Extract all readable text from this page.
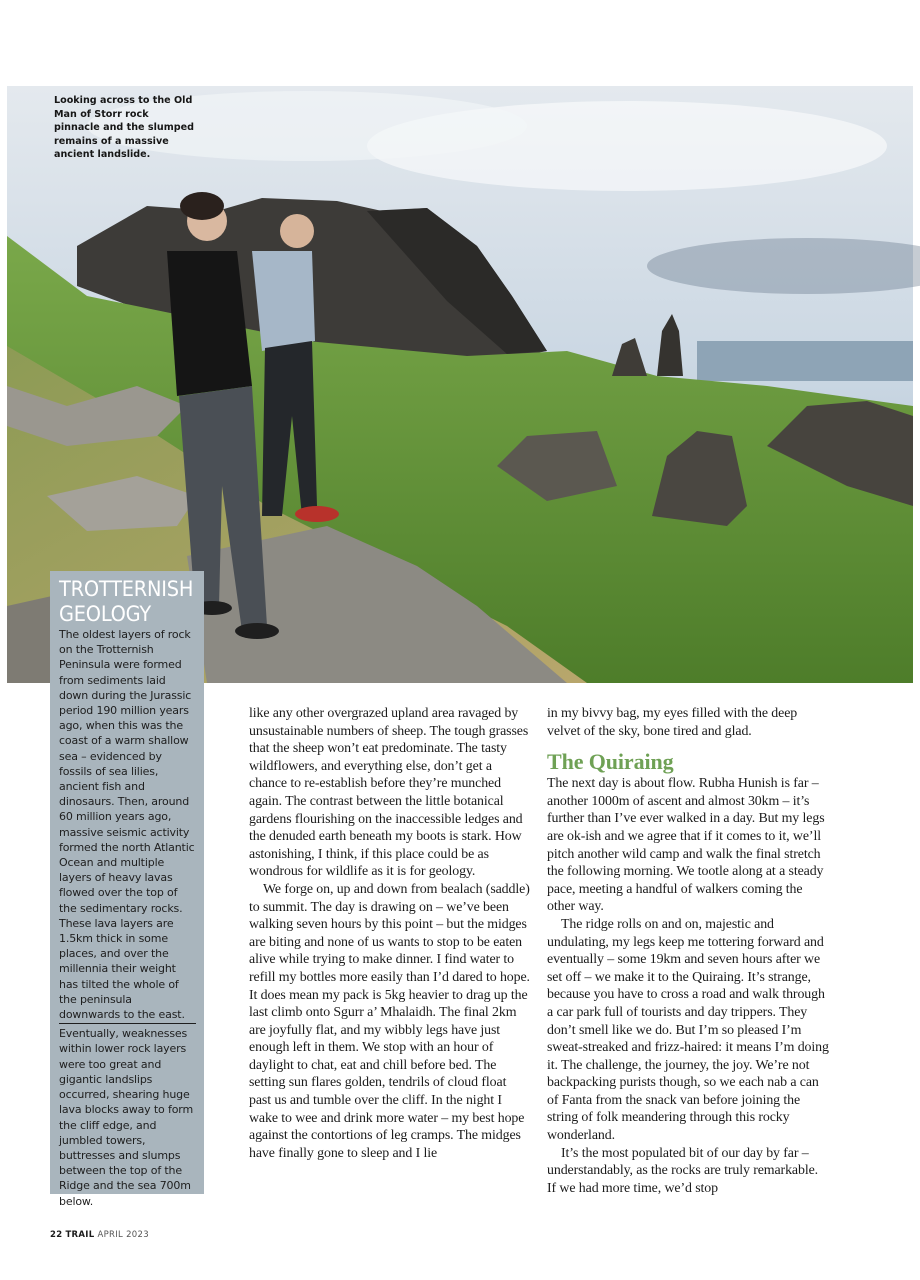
Looking across to the Old Man of Storr rock pinnacle and the slumped remains of a massive ancient landslide.
TROTTERNISH
GEOLOGY
The oldest layers of rock on the Trotternish Peninsula were formed from sediments laid down during the Jurassic period 190 million years ago, when this was the coast of a warm shallow sea – evidenced by fossils of sea lilies, ancient fish and dinosaurs. Then, around 60 million years ago, massive seismic activity formed the north Atlantic Ocean and multiple layers of heavy lavas flowed over the top of the sedimentary rocks. These lava layers are 1.5km thick in some places, and over the millennia their weight has tilted the whole of the peninsula downwards to the east.
Eventually, weaknesses within lower rock layers were too great and gigantic landslips occurred, shearing huge lava blocks away to form the cliff edge, and jumbled towers, buttresses and slumps between the top of the Ridge and the sea 700m below.

like any other overgrazed upland area ravaged by unsustainable numbers of sheep. The tough grasses that the sheep won’t eat predominate. The tasty wildflowers, and everything else, don’t get a chance to re-establish before they’re munched again. The contrast between the little botanical gardens flourishing on the inaccessible ledges and the denuded earth beneath my boots is stark. How astonishing, I think, if this place could be as wondrous for wildlife as it is for geology.

We forge on, up and down from bealach (saddle) to summit. The day is drawing on – we’ve been walking seven hours by this point – but the midges are biting and none of us wants to stop to be eaten alive while trying to make dinner. I find water to refill my bottles more easily than I’d dared to hope. It does mean my pack is 5kg heavier to drag up the last climb onto Sgurr a’ Mhalaidh. The final 2km are joyfully flat, and my wibbly legs have just enough left in them. We stop with an hour of daylight to chat, eat and chill before bed. The setting sun flares golden, tendrils of cloud float past us and tumble over the cliff. In the night I wake to wee and drink more water – my best hope against the contortions of leg cramps. The midges have finally gone to sleep and I lie

in my bivvy bag, my eyes filled with the deep velvet of the sky, bone tired and glad.

The Quiraing

The next day is about flow. Rubha Hunish is far – another 1000m of ascent and almost 30km – it’s further than I’ve ever walked in a day. But my legs are ok-ish and we agree that if it comes to it, we’ll pitch another wild camp and walk the final stretch the following morning. We tootle along at a steady pace, meeting a handful of walkers coming the other way.

The ridge rolls on and on, majestic and undulating, my legs keep me tottering forward and eventually – some 19km and seven hours after we set off – we make it to the Quiraing. It’s strange, because you have to cross a road and walk through a car park full of tourists and day trippers. They don’t smell like we do. But I’m so pleased I’m sweat-streaked and frizz-haired: it means I’m doing it. The challenge, the journey, the joy. We’re not backpacking purists though, so we each nab a can of Fanta from the snack van before joining the string of folk meandering through this rocky wonderland.

It’s the most populated bit of our day by far – understandably, as the rocks are truly remarkable. If we had more time, we’d stop

22 TRAIL APRIL 2023
